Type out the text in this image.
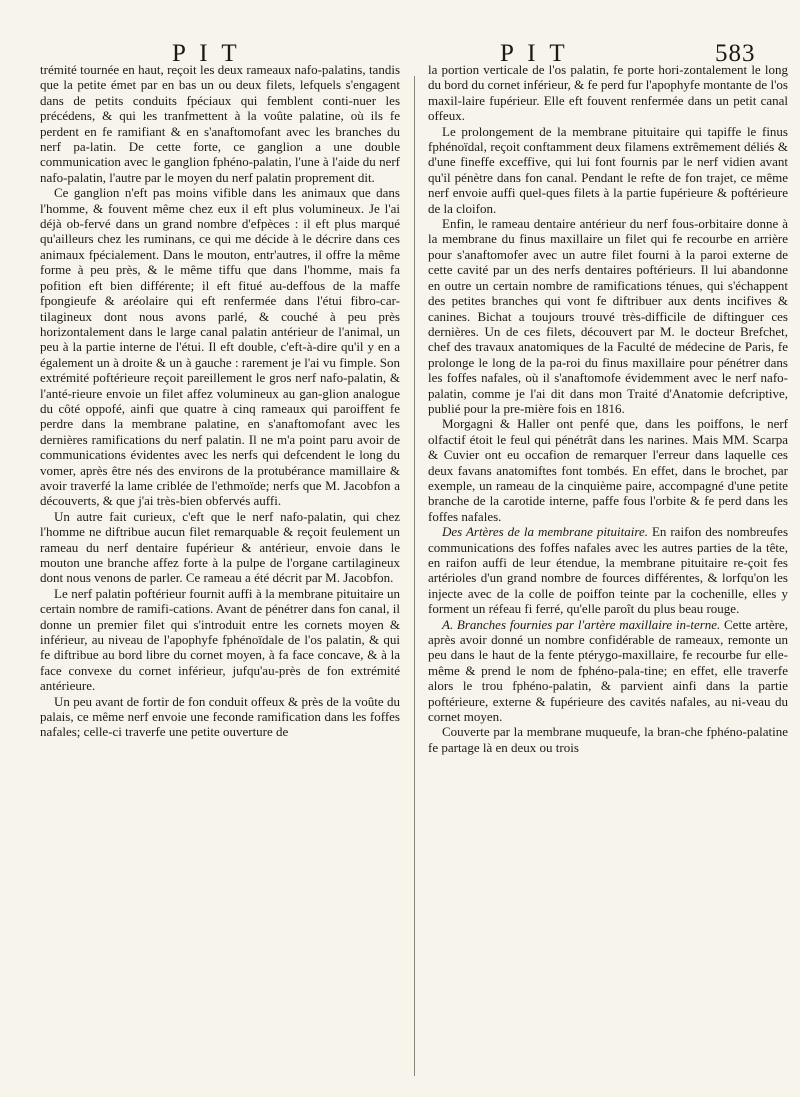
P I T	P I T	583

trémité tournée en haut, reçoit les deux rameaux nafo-palatins, tandis que la petite émet par en bas un ou deux filets, lefquels s'engagent dans de petits conduits fpéciaux qui femblent conti-nuer les précédens, & qui les tranfmettent à la voûte palatine, où ils fe perdent en fe ramifiant & en s'anaftomofant avec les branches du nerf pa-latin. De cette forte, ce ganglion a une double communication avec le ganglion fphéno-palatin, l'une à l'aide du nerf nafo-palatin, l'autre par le moyen du nerf palatin proprement dit.

Ce ganglion n'eft pas moins vifible dans les animaux que dans l'homme, & fouvent même chez eux il eft plus volumineux. Je l'ai déjà ob-fervé dans un grand nombre d'efpèces : il eft plus marqué qu'ailleurs chez les ruminans, ce qui me décide à le décrire dans ces animaux fpécialement. Dans le mouton, entr'autres, il offre la même forme à peu près, & le même tiffu que dans l'homme, mais fa pofition eft bien différente; il eft fitué au-deffous de la maffe fpongieufe & aréolaire qui eft renfermée dans l'étui fibro-car-tilagineux dont nous avons parlé, & couché à peu près horizontalement dans le large canal palatin antérieur de l'animal, un peu à la partie interne de l'étui. Il eft double, c'eft-à-dire qu'il y en a également un à droite & un à gauche : rarement je l'ai vu fimple. Son extrémité poftérieure reçoit pareillement le gros nerf nafo-palatin, & l'anté-rieure envoie un filet affez volumineux au gan-glion analogue du côté oppofé, ainfi que quatre à cinq rameaux qui paroiffent fe perdre dans la membrane palatine, en s'anaftomofant avec les dernières ramifications du nerf palatin. Il ne m'a point paru avoir de communications évidentes avec les nerfs qui defcendent le long du vomer, après être nés des environs de la protubérance mamillaire & avoir traverfé la lame criblée de l'ethmoïde; nerfs que M. Jacobfon a découverts, & que j'ai très-bien obfervés auffi.

Un autre fait curieux, c'eft que le nerf nafo-palatin, qui chez l'homme ne diftribue aucun filet remarquable & reçoit feulement un rameau du nerf dentaire fupérieur & antérieur, envoie dans le mouton une branche affez forte à la pulpe de l'organe cartilagineux dont nous venons de parler. Ce rameau a été décrit par M. Jacobfon.

Le nerf palatin poftérieur fournit auffi à la membrane pituitaire un certain nombre de ramifi-cations. Avant de pénétrer dans fon canal, il donne un premier filet qui s'introduit entre les cornets moyen & inférieur, au niveau de l'apophyfe fphénoïdale de l'os palatin, & qui fe diftribue au bord libre du cornet moyen, à fa face concave, & à la face convexe du cornet inférieur, jufqu'au-près de fon extrémité antérieure.

Un peu avant de fortir de fon conduit offeux & près de la voûte du palais, ce même nerf envoie une feconde ramification dans les foffes nafales; celle-ci traverfe une petite ouverture de

la portion verticale de l'os palatin, fe porte hori-zontalement le long du bord du cornet inférieur, & fe perd fur l'apophyfe montante de l'os maxil-laire fupérieur. Elle eft fouvent renfermée dans un petit canal offeux.

Le prolongement de la membrane pituitaire qui tapiffe le finus fphénoïdal, reçoit conftamment deux filamens extrêmement déliés & d'une fineffe exceffive, qui lui font fournis par le nerf vidien avant qu'il pénètre dans fon canal. Pendant le refte de fon trajet, ce même nerf envoie auffi quel-ques filets à la partie fupérieure & poftérieure de la cloifon.

Enfin, le rameau dentaire antérieur du nerf fous-orbitaire donne à la membrane du finus maxillaire un filet qui fe recourbe en arrière pour s'anaftomofer avec un autre filet fourni à la paroi externe de cette cavité par un des nerfs dentaires poftérieurs. Il lui abandonne en outre un certain nombre de ramifications ténues, qui s'échappent des petites branches qui vont fe diftribuer aux dents incifives & canines. Bichat a toujours trouvé très-difficile de diftinguer ces dernières. Un de ces filets, découvert par M. le docteur Brefchet, chef des travaux anatomiques de la Faculté de médecine de Paris, fe prolonge le long de la pa-roi du finus maxillaire pour pénétrer dans les foffes nafales, où il s'anaftomofe évidemment avec le nerf nafo-palatin, comme je l'ai dit dans mon Traité d'Anatomie defcriptive, publié pour la pre-mière fois en 1816.

Morgagni & Haller ont penfé que, dans les poiffons, le nerf olfactif étoit le feul qui pénétrât dans les narines. Mais MM. Scarpa & Cuvier ont eu occafion de remarquer l'erreur dans laquelle ces deux favans anatomiftes font tombés. En effet, dans le brochet, par exemple, un rameau de la cinquième paire, accompagné d'une petite branche de la carotide interne, paffe fous l'orbite & fe perd dans les foffes nafales.

Des Artères de la membrane pituitaire. En raifon des nombreufes communications des foffes nafales avec les autres parties de la tête, en raifon auffi de leur étendue, la membrane pituitaire re-çoit fes artérioles d'un grand nombre de fources différentes, & lorfqu'on les injecte avec de la colle de poiffon teinte par la cochenille, elles y forment un réfeau fi ferré, qu'elle paroît du plus beau rouge.

A. Branches fournies par l'artère maxillaire in-terne. Cette artère, après avoir donné un nombre confidérable de rameaux, remonte un peu dans le haut de la fente ptérygo-maxillaire, fe recourbe fur elle-même & prend le nom de fphéno-pala-tine; en effet, elle traverfe alors le trou fphéno-palatin, & parvient ainfi dans la partie poftérieure, externe & fupérieure des cavités nafales, au ni-veau du cornet moyen.

Couverte par la membrane muqueufe, la bran-che fphéno-palatine fe partage là en deux ou trois
